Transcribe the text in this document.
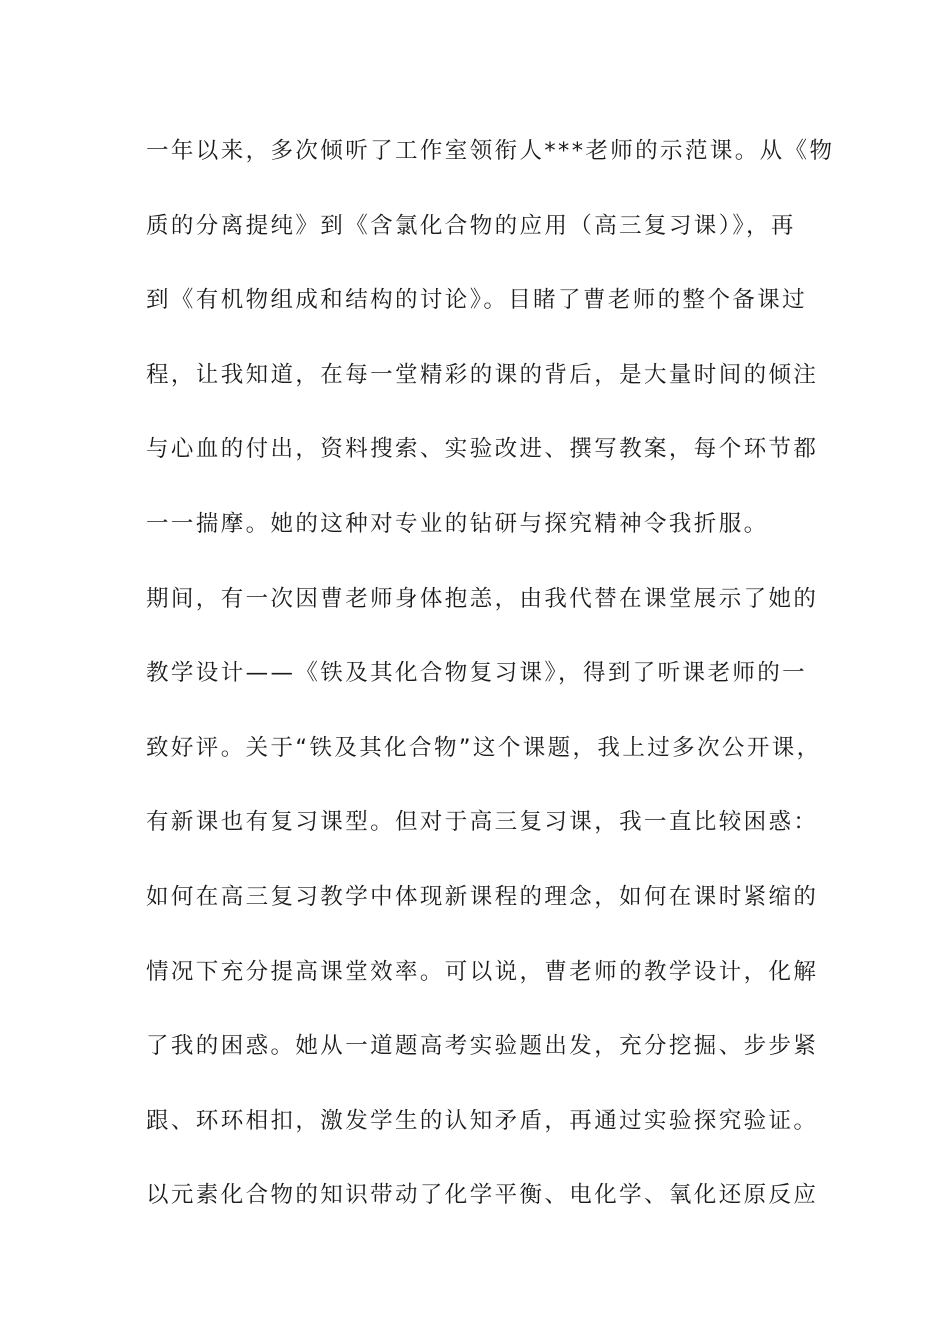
一年以来，多次倾听了工作室领衔人***老师的示范课。从《物
质的分离提纯》到《含氯化合物的应用（高三复习课）》，再
到《有机物组成和结构的讨论》。目睹了曹老师的整个备课过
程，让我知道，在每一堂精彩的课的背后，是大量时间的倾注
与心血的付出，资料搜索、实验改进、撰写教案，每个环节都
一一揣摩。她的这种对专业的钻研与探究精神令我折服。
期间，有一次因曹老师身体抱恙，由我代替在课堂展示了她的
教学设计——《铁及其化合物复习课》，得到了听课老师的一
致好评。关于“铁及其化合物”这个课题，我上过多次公开课，
有新课也有复习课型。但对于高三复习课，我一直比较困惑：
如何在高三复习教学中体现新课程的理念，如何在课时紧缩的
情况下充分提高课堂效率。可以说，曹老师的教学设计，化解
了我的困惑。她从一道题高考实验题出发，充分挖掘、步步紧
跟、环环相扣，激发学生的认知矛盾，再通过实验探究验证。
以元素化合物的知识带动了化学平衡、电化学、氧化还原反应
